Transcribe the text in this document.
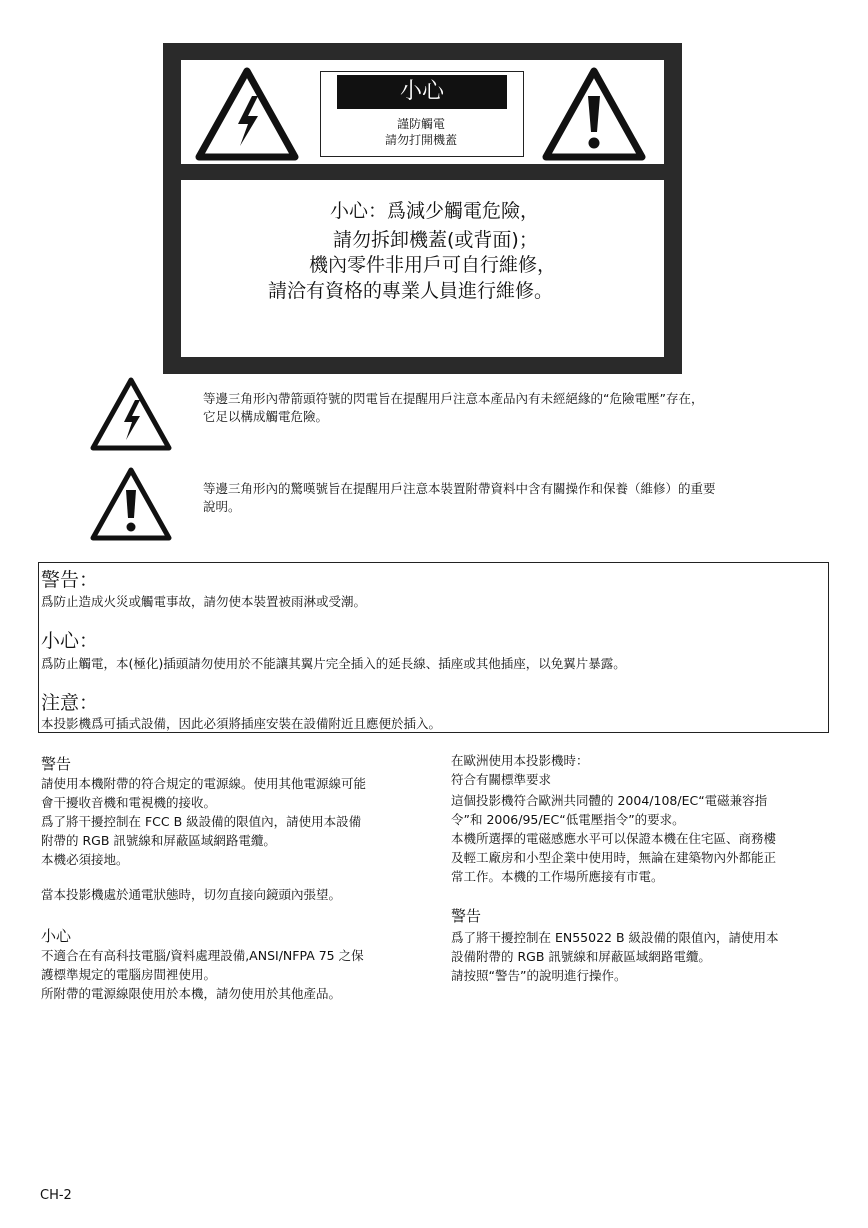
小心
謹防觸電
請勿打開機蓋
小心：爲減少觸電危險，
請勿拆卸機蓋(或背面)；
機內零件非用戶可自行維修，
請洽有資格的專業人員進行維修。
等邊三角形內帶箭頭符號的閃電旨在提醒用戶注意本產品內有未經絕緣的“危險電壓”存在，
它足以構成觸電危險。
等邊三角形內的驚嘆號旨在提醒用戶注意本裝置附帶資料中含有關操作和保養（維修）的重要
說明。
警告：
爲防止造成火災或觸電事故，請勿使本裝置被雨淋或受潮。
小心：
爲防止觸電，本(極化)插頭請勿使用於不能讓其翼片完全插入的延長線、插座或其他插座，以免翼片暴露。
注意：
本投影機爲可插式設備，因此必須將插座安裝在設備附近且應便於插入。
警告
請使用本機附帶的符合規定的電源線。使用其他電源線可能
會干擾收音機和電視機的接收。
爲了將干擾控制在 FCC B 級設備的限值內，請使用本設備
附帶的 RGB 訊號線和屏蔽區域網路電纜。
本機必須接地。
當本投影機處於通電狀態時，切勿直接向鏡頭內張望。
小心
不適合在有高科技電腦/資料處理設備,ANSI/NFPA 75 之保
護標準規定的電腦房間裡使用。
所附帶的電源線限使用於本機，請勿使用於其他產品。
在歐洲使用本投影機時：
符合有關標準要求
這個投影機符合歐洲共同體的 2004/108/EC“電磁兼容指
令”和 2006/95/EC“低電壓指令”的要求。
本機所選擇的電磁感應水平可以保證本機在住宅區、商務樓
及輕工廠房和小型企業中使用時，無論在建築物內外都能正
常工作。本機的工作場所應接有市電。
警告
爲了將干擾控制在 EN55022 B 級設備的限值內，請使用本
設備附帶的 RGB 訊號線和屏蔽區域網路電纜。
請按照“警告”的說明進行操作。
CH-2
